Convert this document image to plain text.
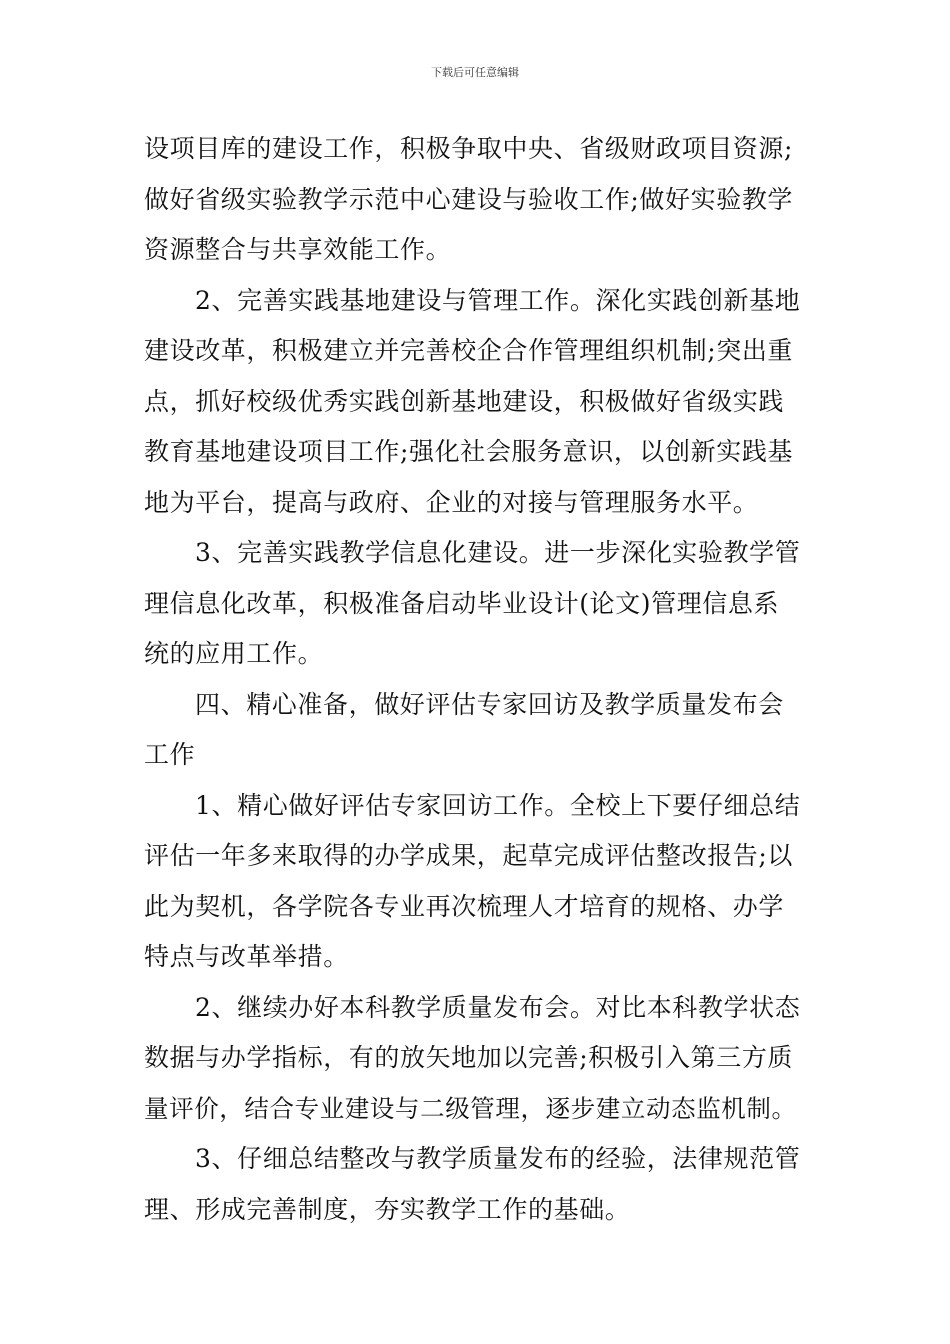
下载后可任意编辑

设项目库的建设工作，积极争取中央、省级财政项目资源;
做好省级实验教学示范中心建设与验收工作;做好实验教学
资源整合与共享效能工作。

2、完善实践基地建设与管理工作。深化实践创新基地
建设改革，积极建立并完善校企合作管理组织机制;突出重
点，抓好校级优秀实践创新基地建设，积极做好省级实践
教育基地建设项目工作;强化社会服务意识，以创新实践基
地为平台，提高与政府、企业的对接与管理服务水平。

3、完善实践教学信息化建设。进一步深化实验教学管
理信息化改革，积极准备启动毕业设计(论文)管理信息系
统的应用工作。

四、精心准备，做好评估专家回访及教学质量发布会
工作

1、精心做好评估专家回访工作。全校上下要仔细总结
评估一年多来取得的办学成果，起草完成评估整改报告;以
此为契机，各学院各专业再次梳理人才培育的规格、办学
特点与改革举措。

2、继续办好本科教学质量发布会。对比本科教学状态
数据与办学指标，有的放矢地加以完善;积极引入第三方质
量评价，结合专业建设与二级管理，逐步建立动态监机制。

3、仔细总结整改与教学质量发布的经验，法律规范管
理、形成完善制度，夯实教学工作的基础。
